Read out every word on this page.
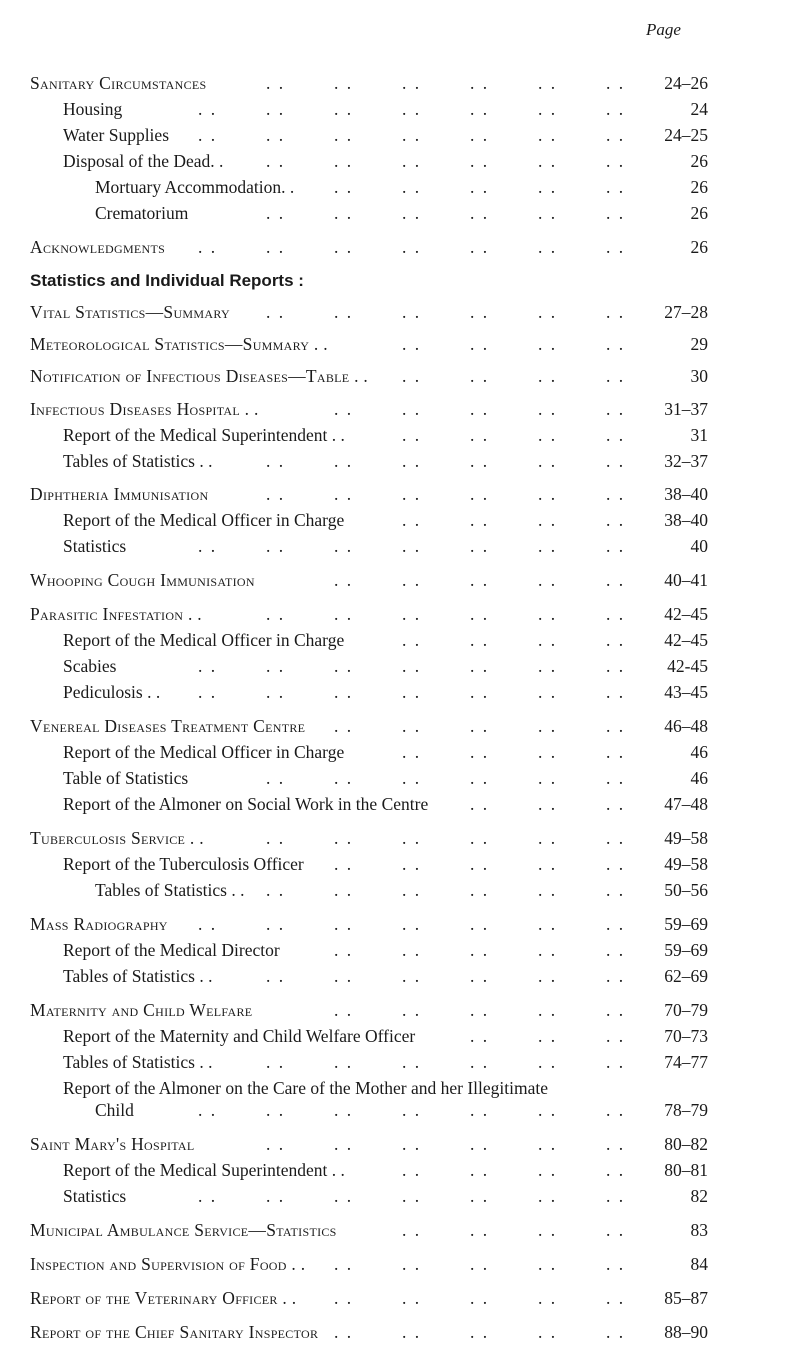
Page
Sanitary Circumstances	24–26
. .	. .	. .	. .	. .	. .
Housing	24
. .	. .	. .	. .	. .	. .	. .
Water Supplies	24–25
. .	. .	. .	. .	. .	. .	. .
Disposal of the Dead. .	26
. .	. .	. .	. .	. .	. .
Mortuary Accommodation. .	26
. .	. .	. .	. .	. .
Crematorium	26
. .	. .	. .	. .	. .	. .
Acknowledgments	26
. .	. .	. .	. .	. .	. .	. .
Statistics and Individual Reports :
Vital Statistics—Summary	27–28
. .	. .	. .	. .	. .	. .
Meteorological Statistics—Summary . .	29
. .	. .	. .	. .
Notification of Infectious Diseases—Table . .	30
. .	. .	. .	. .
Infectious Diseases Hospital . .	31–37
. .	. .	. .	. .	. .
Report of the Medical Superintendent . .	31
. .	. .	. .	. .
Tables of Statistics . .	32–37
. .	. .	. .	. .	. .	. .
Diphtheria Immunisation	38–40
. .	. .	. .	. .	. .	. .
Report of the Medical Officer in Charge	38–40
. .	. .	. .	. .
Statistics	40
. .	. .	. .	. .	. .	. .	. .
Whooping Cough Immunisation	40–41
. .	. .	. .	. .	. .
Parasitic Infestation . .	42–45
. .	. .	. .	. .	. .	. .
Report of the Medical Officer in Charge	42–45
. .	. .	. .	. .
Scabies	42-45
. .	. .	. .	. .	. .	. .	. .
Pediculosis . .	43–45
. .	. .	. .	. .	. .	. .	. .
Venereal Diseases Treatment Centre	46–48
. .	. .	. .	. .	. .
Report of the Medical Officer in Charge	46
. .	. .	. .	. .
Table of Statistics	46
. .	. .	. .	. .	. .	. .
Report of the Almoner on Social Work in the Centre	47–48
. .	. .	. .
Tuberculosis Service . .	49–58
. .	. .	. .	. .	. .	. .
Report of the Tuberculosis Officer	49–58
. .	. .	. .	. .	. .
Tables of Statistics . .	50–56
. .	. .	. .	. .	. .	. .
Mass Radiography	59–69
. .	. .	. .	. .	. .	. .	. .
Report of the Medical Director	59–69
. .	. .	. .	. .	. .
Tables of Statistics . .	62–69
. .	. .	. .	. .	. .	. .
Maternity and Child Welfare	70–79
. .	. .	. .	. .	. .
Report of the Maternity and Child Welfare Officer	70–73
. .	. .	. .
Tables of Statistics . .	74–77
. .	. .	. .	. .	. .	. .
Report of the Almoner on the Care of the Mother and her Illegitimate
Child	78–79
. .	. .	. .	. .	. .	. .	. .
Saint Mary's Hospital	80–82
. .	. .	. .	. .	. .	. .
Report of the Medical Superintendent . .	80–81
. .	. .	. .	. .
Statistics	82
. .	. .	. .	. .	. .	. .	. .
Municipal Ambulance Service—Statistics	83
. .	. .	. .	. .
Inspection and Supervision of Food . .	84
. .	. .	. .	. .	. .
Report of the Veterinary Officer . .	85–87
. .	. .	. .	. .	. .
Report of the Chief Sanitary Inspector	88–90
. .	. .	. .	. .	. .
